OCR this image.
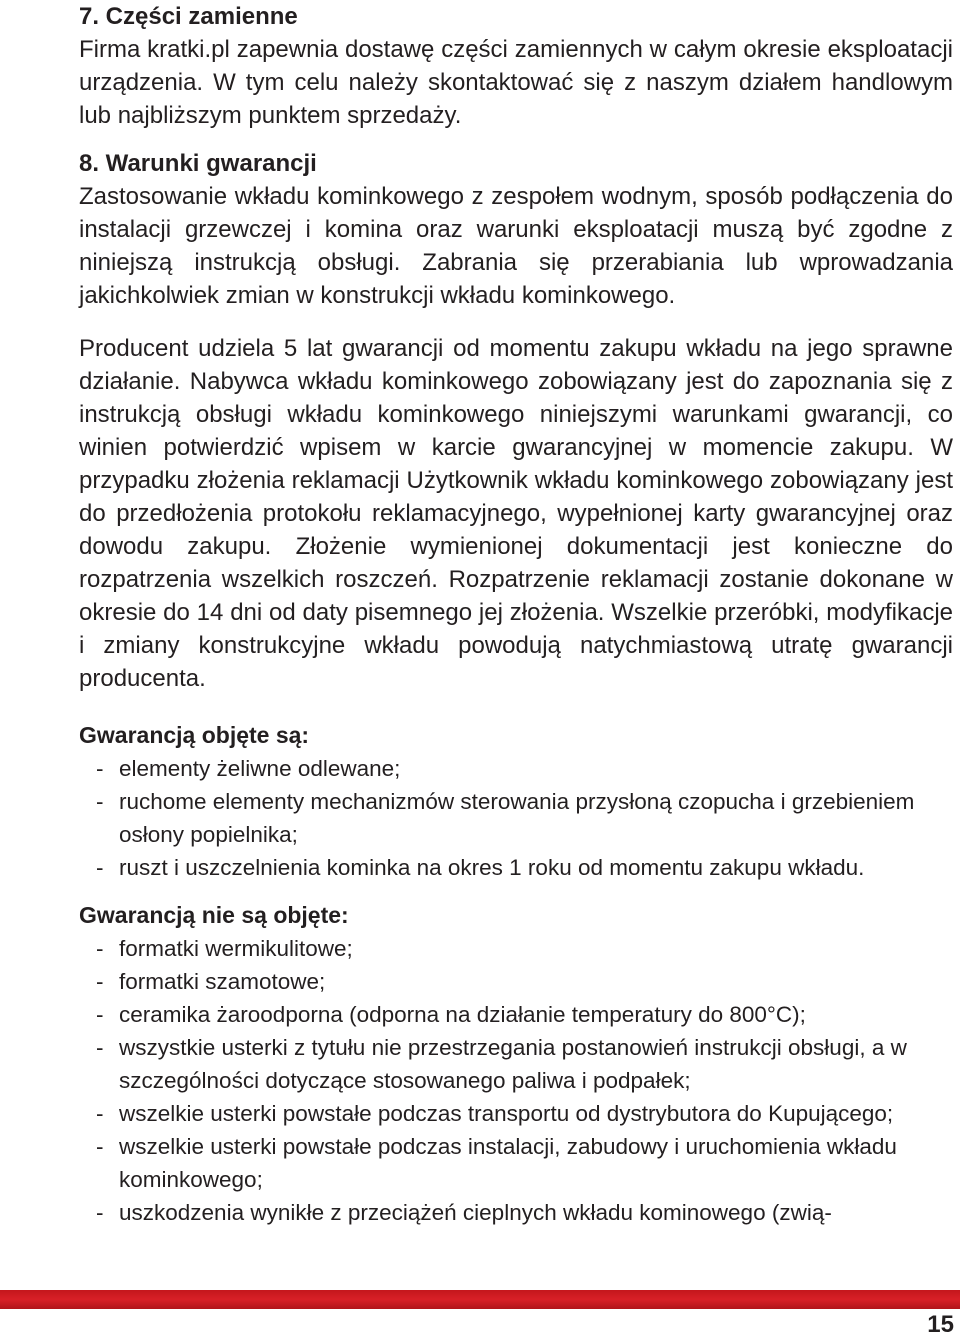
7. Części zamienne

Firma kratki.pl zapewnia dostawę części zamiennych w całym okresie eksploatacji urządzenia. W tym celu należy skontaktować się z naszym działem handlowym lub najbliższym punktem sprzedaży.

8. Warunki gwarancji

Zastosowanie wkładu kominkowego z zespołem wodnym, sposób podłączenia do instalacji grzewczej i komina oraz warunki eksploatacji muszą być zgodne z niniejszą instrukcją obsługi. Zabrania się przerabiania lub wprowadzania jakichkolwiek zmian w konstrukcji wkładu kominkowego.

Producent udziela 5 lat gwarancji od momentu zakupu wkładu na jego sprawne działanie. Nabywca wkładu kominkowego zobowiązany jest do zapoznania się z instrukcją obsługi wkładu kominkowego niniejszymi warunkami gwarancji, co winien potwierdzić wpisem w karcie gwarancyjnej w momencie zakupu. W przypadku złożenia reklamacji Użytkownik wkładu kominkowego zobowiązany jest do przedłożenia protokołu reklamacyjnego, wypełnionej karty gwarancyjnej oraz dowodu zakupu. Złożenie wymienionej dokumentacji jest konieczne do rozpatrzenia wszelkich roszczeń. Rozpatrzenie reklamacji zostanie dokonane w okresie do 14 dni od daty pisemnego jej złożenia. Wszelkie przeróbki, modyfikacje i zmiany konstrukcyjne wkładu powodują natychmiastową utratę gwarancji producenta.

Gwarancją objęte są:
- elementy żeliwne odlewane;
- ruchome elementy mechanizmów sterowania przysłoną czopucha i grzebieniem osłony popielnika;
- ruszt i uszczelnienia kominka na okres 1 roku od momentu zakupu wkładu.
Gwarancją nie są objęte:
- formatki wermikulitowe;
- formatki szamotowe;
- ceramika żaroodporna (odporna na działanie temperatury do 800°C);
- wszystkie usterki z tytułu nie przestrzegania postanowień instrukcji obsługi, a w szczególności dotyczące stosowanego paliwa i podpałek;
- wszelkie usterki powstałe podczas transportu od dystrybutora do Kupującego;
- wszelkie usterki powstałe podczas instalacji, zabudowy i uruchomienia wkładu kominkowego;
- uszkodzenia wynikłe z przeciążeń cieplnych wkładu kominowego (zwią-
15
